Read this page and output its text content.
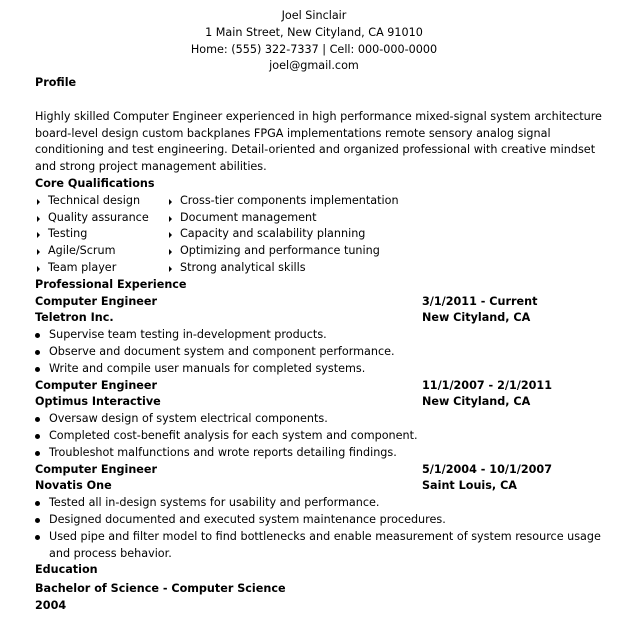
Joel Sinclair
1 Main Street, New Cityland, CA 91010
Home: (555) 322-7337 | Cell: 000-000-0000
joel@gmail.com
Profile
Highly skilled Computer Engineer experienced in high performance mixed-signal system architecture board-level design custom backplanes FPGA implementations remote sensory analog signal conditioning and test engineering. Detail-oriented and organized professional with creative mindset and strong project management abilities.
Core Qualifications
Technical design
Quality assurance
Testing
Agile/Scrum
Team player
Cross-tier components implementation
Document management
Capacity and scalability planning
Optimizing and performance tuning
Strong analytical skills
Professional Experience
Computer Engineer	3/1/2011 - Current
Teletron Inc.	New Cityland, CA
Supervise team testing in-development products.
Observe and document system and component performance.
Write and compile user manuals for completed systems.
Computer Engineer	11/1/2007 - 2/1/2011
Optimus Interactive	New Cityland, CA
Oversaw design of system electrical components.
Completed cost-benefit analysis for each system and component.
Troubleshot malfunctions and wrote reports detailing findings.
Computer Engineer	5/1/2004 - 10/1/2007
Novatis One	Saint Louis, CA
Tested all in-design systems for usability and performance.
Designed documented and executed system maintenance procedures.
Used pipe and filter model to find bottlenecks and enable measurement of system resource usage and process behavior.
Education
Bachelor of Science - Computer Science
2004
